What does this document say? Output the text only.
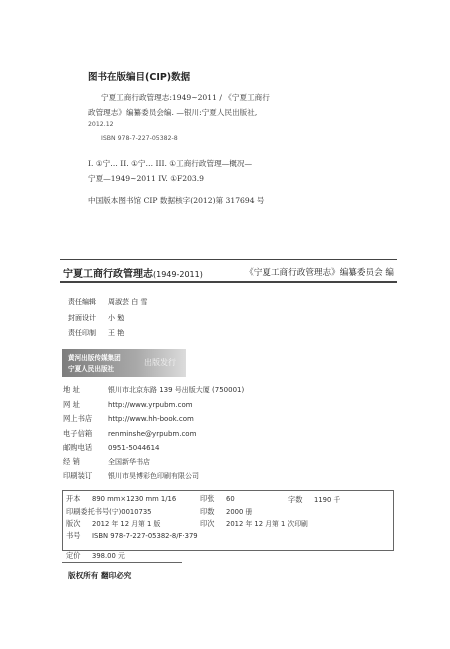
图书在版编目(CIP)数据
宁夏工商行政管理志:1949~2011 / 《宁夏工商行
政管理志》编纂委员会编. —银川:宁夏人民出版社,
2012.12
ISBN 978-7-227-05382-8
I. ①宁… II. ①宁… III. ①工商行政管理—概况—
宁夏—1949~2011 IV. ①F203.9
中国版本图书馆 CIP 数据核字(2012)第 317694 号
宁夏工商行政管理志(1949-2011)	《宁夏工商行政管理志》编纂委员会 编
责任编辑 周淑芸 白 雪
封面设计 小 勉
责任印制 王 艳
黄河出版传媒集团
宁夏人民出版社
出版发行
地 址	银川市北京东路 139 号出版大厦 (750001)
网 址	http://www.yrpubm.com
网上书店 http://www.hh-book.com
电子信箱 renminshe@yrpubm.com
邮购电话 0951-5044614
经 销	全国新华书店
印刷装订 银川市昊博彩色印刷有限公司
开本 890 mm×1230 mm 1/16	印张 60	字数 1190 千
印刷委托书号(宁)0010735	印数 2000 册
版次 2012 年 12 月第 1 版	印次 2012 年 12 月第 1 次印刷
书号 ISBN 978-7-227-05382-8/F·379
定价 398.00 元
版权所有 翻印必究
